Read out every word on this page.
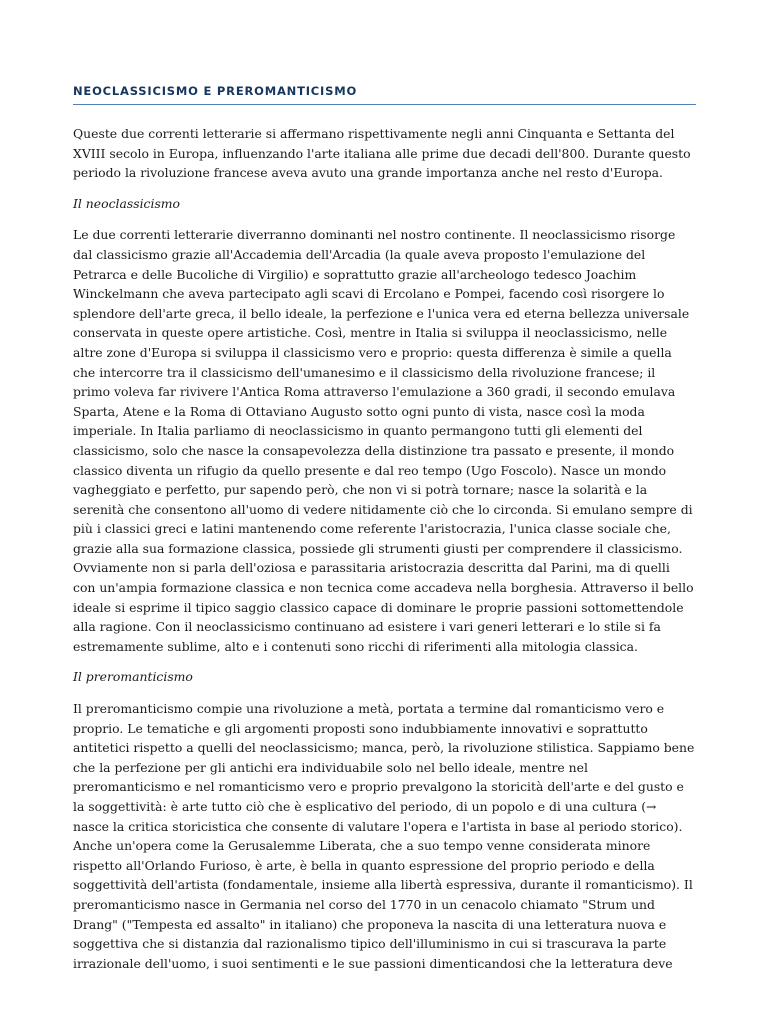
NEOCLASSICISMO E PREROMANTICISMO

Queste due correnti letterarie si affermano rispettivamente negli anni Cinquanta e Settanta del XVIII secolo in Europa, influenzando l'arte italiana alle prime due decadi dell'800. Durante questo periodo la rivoluzione francese aveva avuto una grande importanza anche nel resto d'Europa.

Il neoclassicismo

Le due correnti letterarie diverranno dominanti nel nostro continente. Il neoclassicismo risorge dal classicismo grazie all'Accademia dell'Arcadia (la quale aveva proposto l'emulazione del Petrarca e delle Bucoliche di Virgilio) e soprattutto grazie all'archeologo tedesco Joachim Winckelmann che aveva partecipato agli scavi di Ercolano e Pompei, facendo così risorgere lo splendore dell'arte greca, il bello ideale, la perfezione e l'unica vera ed eterna bellezza universale conservata in queste opere artistiche. Così, mentre in Italia si sviluppa il neoclassicismo, nelle altre zone d'Europa si sviluppa il classicismo vero e proprio: questa differenza è simile a quella che intercorre tra il classicismo dell'umanesimo e il classicismo della rivoluzione francese; il primo voleva far rivivere l'Antica Roma attraverso l'emulazione a 360 gradi, il secondo emulava Sparta, Atene e la Roma di Ottaviano Augusto sotto ogni punto di vista, nasce così la moda imperiale. In Italia parliamo di neoclassicismo in quanto permangono tutti gli elementi del classicismo, solo che nasce la consapevolezza della distinzione tra passato e presente, il mondo classico diventa un rifugio da quello presente e dal reo tempo (Ugo Foscolo). Nasce un mondo vagheggiato e perfetto, pur sapendo però, che non vi si potrà tornare; nasce la solarità e la serenità che consentono all'uomo di vedere nitidamente ciò che lo circonda. Si emulano sempre di più i classici greci e latini mantenendo come referente l'aristocrazia, l'unica classe sociale che, grazie alla sua formazione classica, possiede gli strumenti giusti per comprendere il classicismo. Ovviamente non si parla dell'oziosa e parassitaria aristocrazia descritta dal Parini, ma di quelli con un'ampia formazione classica e non tecnica come accadeva nella borghesia. Attraverso il bello ideale si esprime il tipico saggio classico capace di dominare le proprie passioni sottomettendole alla ragione. Con il neoclassicismo continuano ad esistere i vari generi letterari e lo stile si fa estremamente sublime, alto e i contenuti sono ricchi di riferimenti alla mitologia classica.

Il preromanticismo

Il preromanticismo compie una rivoluzione a metà, portata a termine dal romanticismo vero e proprio. Le tematiche e gli argomenti proposti sono indubbiamente innovativi e soprattutto antitetici rispetto a quelli del neoclassicismo; manca, però, la rivoluzione stilistica. Sappiamo bene che la perfezione per gli antichi era individuabile solo nel bello ideale, mentre nel preromanticismo e nel romanticismo vero e proprio prevalgono la storicità dell'arte e del gusto e la soggettività: è arte tutto ciò che è esplicativo del periodo, di un popolo e di una cultura (→ nasce la critica storicistica che consente di valutare l'opera e l'artista in base al periodo storico). Anche un'opera come la Gerusalemme Liberata, che a suo tempo venne considerata minore rispetto all'Orlando Furioso, è arte, è bella in quanto espressione del proprio periodo e della soggettività dell'artista (fondamentale, insieme alla libertà espressiva, durante il romanticismo). Il preromanticismo nasce in Germania nel corso del 1770 in un cenacolo chiamato "Strum und Drang" ("Tempesta ed assalto" in italiano) che proponeva la nascita di una letteratura nuova e soggettiva che si distanzia dal razionalismo tipico dell'illuminismo in cui si trascurava la parte irrazionale dell'uomo, i suoi sentimenti e le sue passioni dimenticandosi che la letteratura deve
